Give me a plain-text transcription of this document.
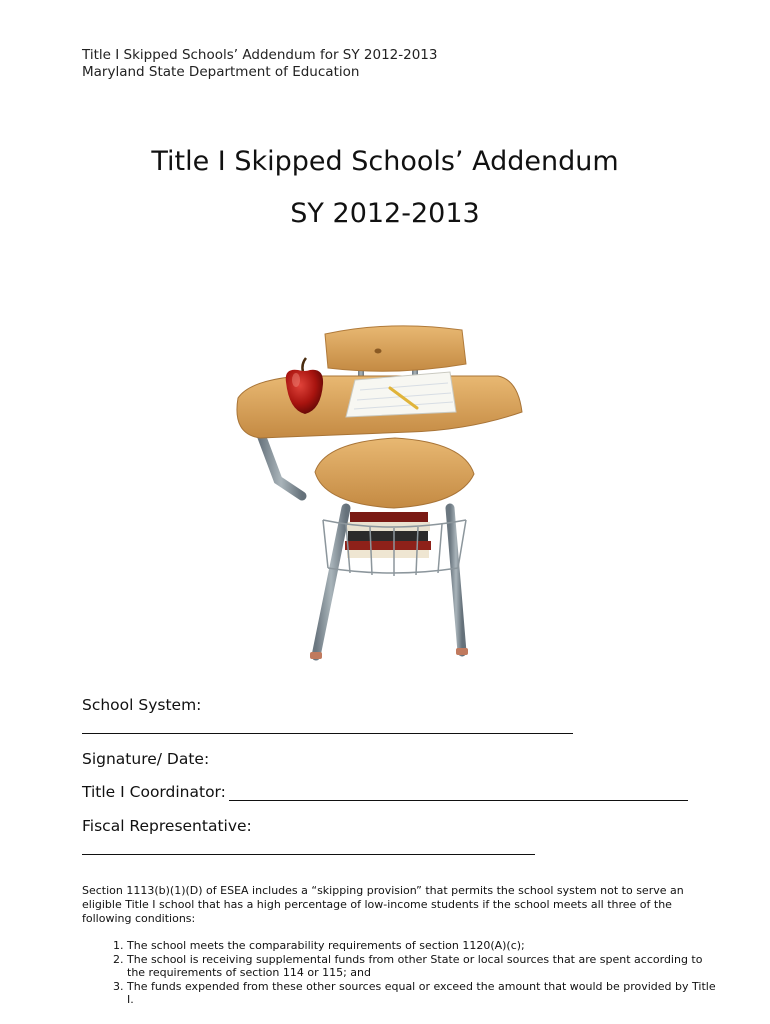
Title I Skipped Schools’ Addendum for SY 2012-2013
Maryland State Department of Education
Title I Skipped Schools’ Addendum
SY 2012-2013
School System:
Signature/ Date:
Title I Coordinator:
Fiscal Representative:
Section 1113(b)(1)(D) of ESEA includes a “skipping provision” that permits the school system not to serve an eligible Title I school that has a high percentage of low-income students if the school meets all three of the following conditions:
1. The school meets the comparability requirements of section 1120(A)(c);
2. The school is receiving supplemental funds from other State or local sources that are spent according to the requirements of section 114 or 115; and
3. The funds expended from these other sources equal or exceed the amount that would be provided by Title I.
